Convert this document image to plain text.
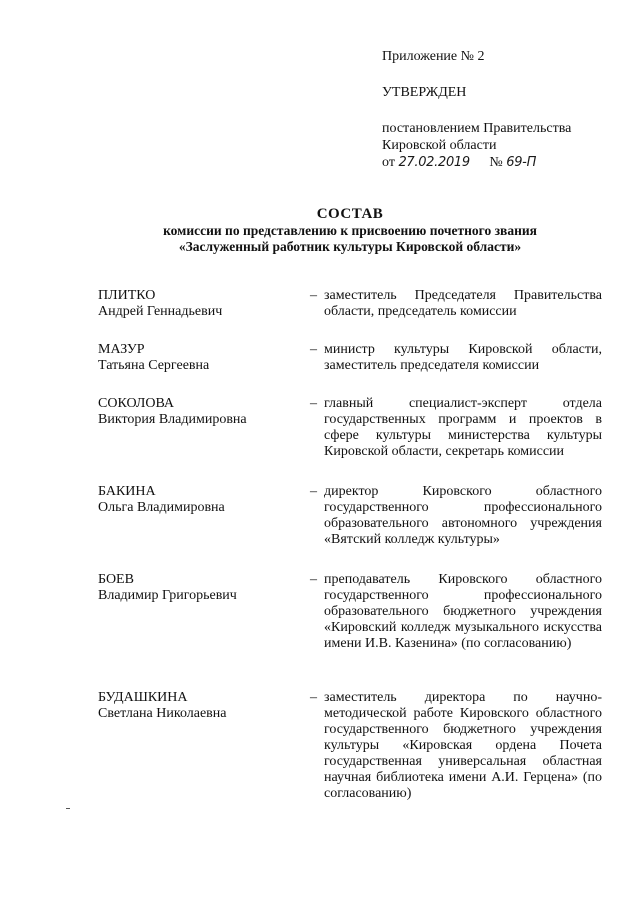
Приложение № 2

УТВЕРЖДЕН

постановлением Правительства
Кировской области
от 27.02.2019 № 69-П
СОСТАВ
комиссии по представлению к присвоению почетного звания
«Заслуженный работник культуры Кировской области»
ПЛИТКО
Андрей Геннадьевич
– заместитель Председателя Правительства области, председатель комиссии
МАЗУР
Татьяна Сергеевна
– министр культуры Кировской области, заместитель председателя комиссии
СОКОЛОВА
Виктория Владимировна
– главный специалист-эксперт отдела государственных программ и проектов в сфере культуры министерства культуры Кировской области, секретарь комиссии
БАКИНА
Ольга Владимировна
– директор Кировского областного государственного профессионального образовательного автономного учреждения «Вятский колледж культуры»
БОЕВ
Владимир Григорьевич
– преподаватель Кировского областного государственного профессионального образовательного бюджетного учреждения «Кировский колледж музыкального искусства имени И.В. Казенина» (по согласованию)
БУДАШКИНА
Светлана Николаевна
– заместитель директора по научно-методической работе Кировского областного государственного бюджетного учреждения культуры «Кировская ордена Почета государственная универсальная областная научная библиотека имени А.И. Герцена» (по согласованию)
